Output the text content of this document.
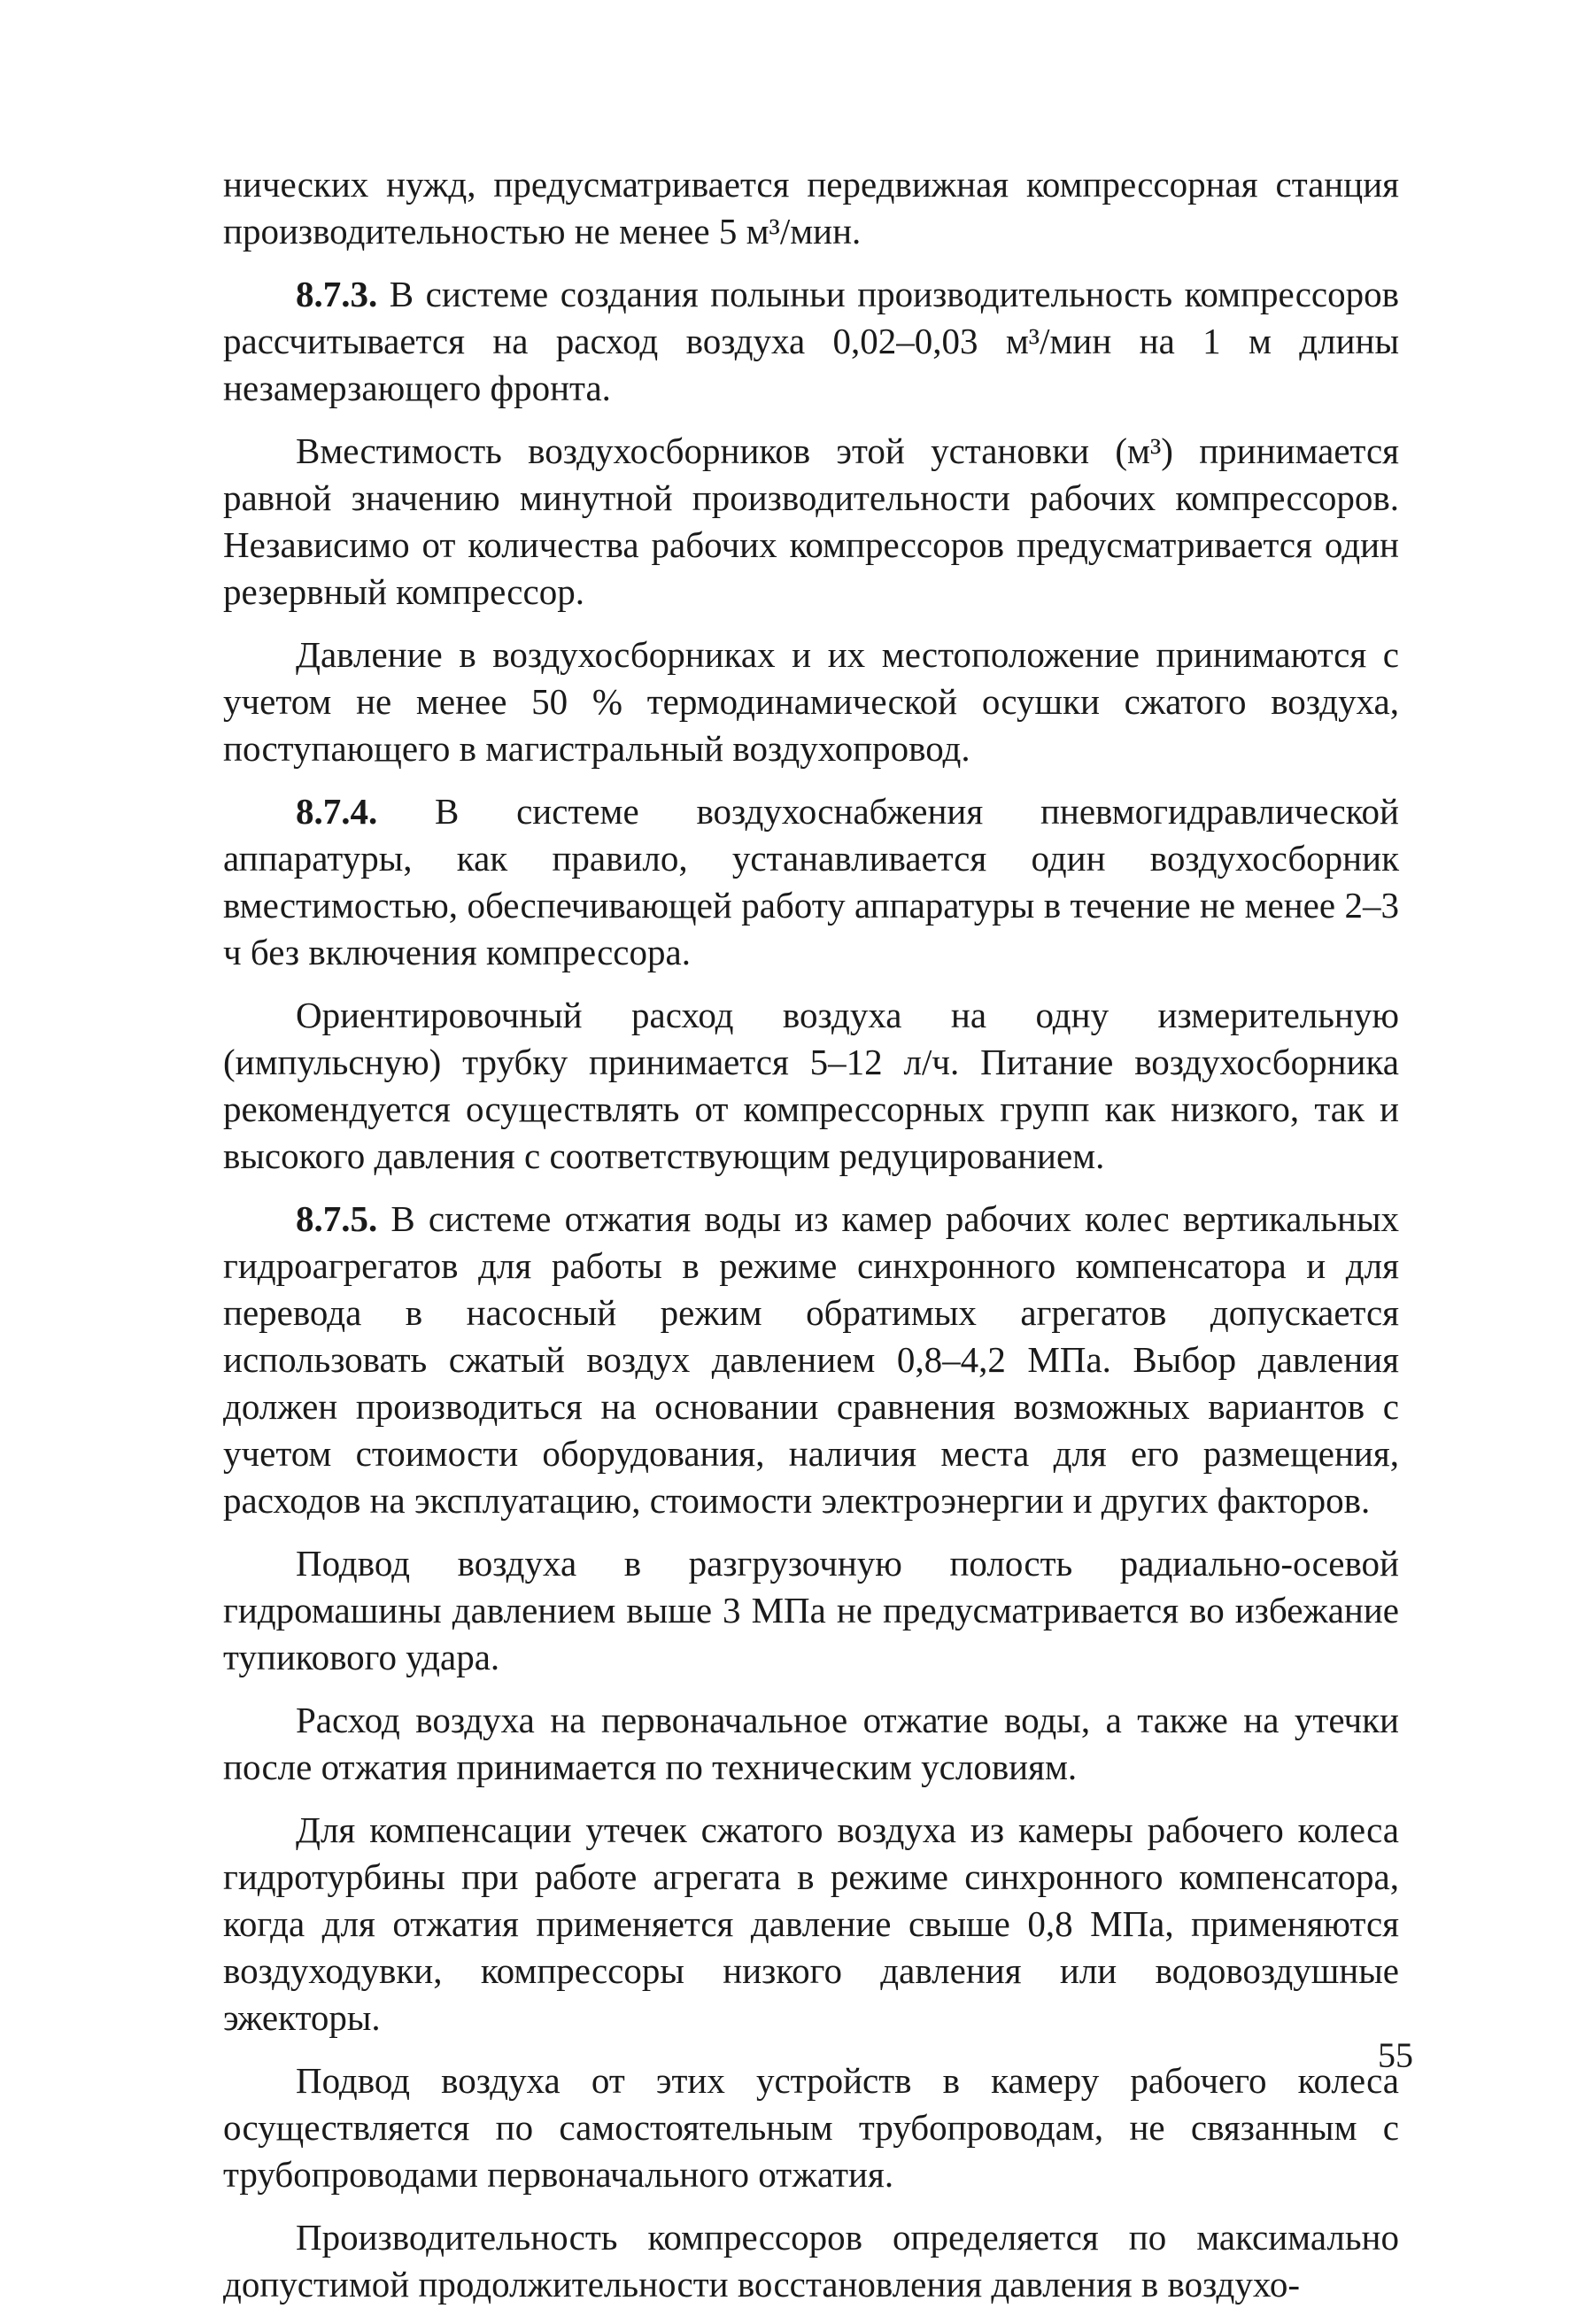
нических нужд, предусматривается передвижная компрессорная станция производительностью не менее 5 м³/мин.

8.7.3. В системе создания полыньи производительность компрессоров рассчитывается на расход воздуха 0,02–0,03 м³/мин на 1 м длины незамерзающего фронта.

Вместимость воздухосборников этой установки (м³) принимается равной значению минутной производительности рабочих компрессоров. Независимо от количества рабочих компрессоров предусматривается один резервный компрессор.

Давление в воздухосборниках и их местоположение принимаются с учетом не менее 50 % термодинамической осушки сжатого воздуха, поступающего в магистральный воздухопровод.

8.7.4. В системе воздухоснабжения пневмогидравлической аппаратуры, как правило, устанавливается один воздухосборник вместимостью, обеспечивающей работу аппаратуры в течение не менее 2–3 ч без включения компрессора.

Ориентировочный расход воздуха на одну измерительную (импульсную) трубку принимается 5–12 л/ч. Питание воздухосборника рекомендуется осуществлять от компрессорных групп как низкого, так и высокого давления с соответствующим редуцированием.

8.7.5. В системе отжатия воды из камер рабочих колес вертикальных гидроагрегатов для работы в режиме синхронного компенсатора и для перевода в насосный режим обратимых агрегатов допускается использовать сжатый воздух давлением 0,8–4,2 МПа. Выбор давления должен производиться на основании сравнения возможных вариантов с учетом стоимости оборудования, наличия места для его размещения, расходов на эксплуатацию, стоимости электроэнергии и других факторов.

Подвод воздуха в разгрузочную полость радиально-осевой гидромашины давлением выше 3 МПа не предусматривается во избежание тупикового удара.

Расход воздуха на первоначальное отжатие воды, а также на утечки после отжатия принимается по техническим условиям.

Для компенсации утечек сжатого воздуха из камеры рабочего колеса гидротурбины при работе агрегата в режиме синхронного компенсатора, когда для отжатия применяется давление свыше 0,8 МПа, применяются воздуходувки, компрессоры низкого давления или водовоздушные эжекторы.

Подвод воздуха от этих устройств в камеру рабочего колеса осуществляется по самостоятельным трубопроводам, не связанным с трубопроводами первоначального отжатия.

Производительность компрессоров определяется по максимально допустимой продолжительности восстановления давления в воздухо-

55
